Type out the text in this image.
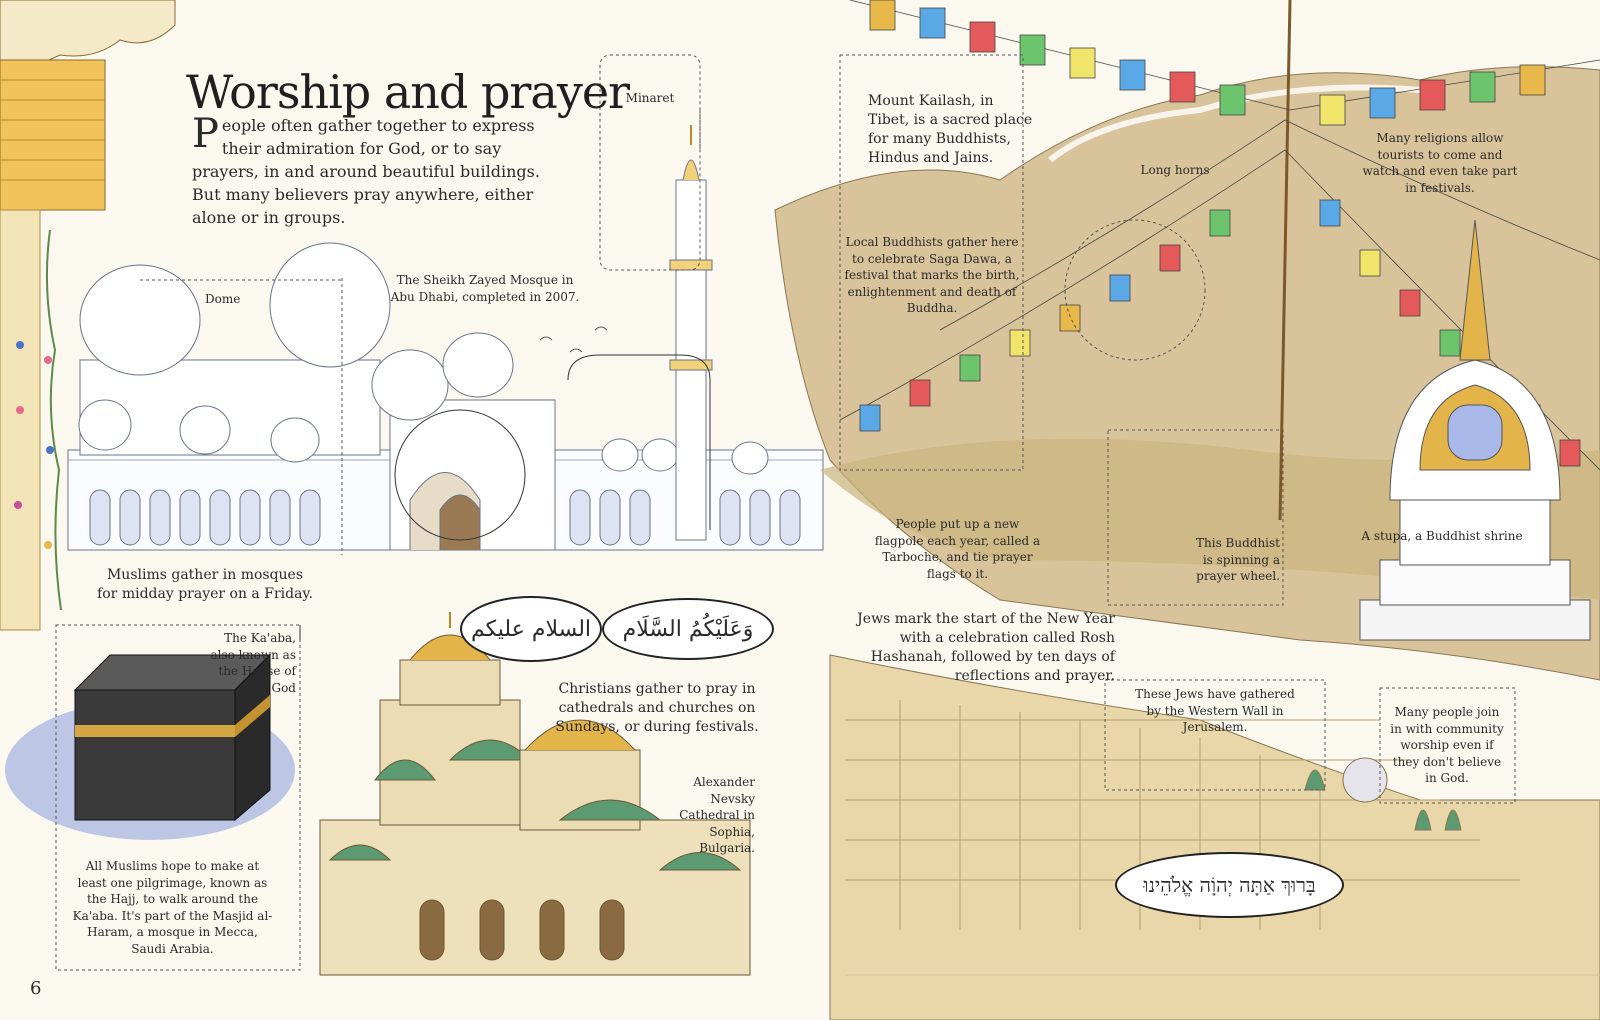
Worship and prayer

People often gather together to express their admiration for God, or to say prayers, in and around beautiful buildings. But many believers pray anywhere, either alone or in groups.

Dome
Minaret
The Sheikh Zayed Mosque in Abu Dhabi, completed in 2007.
Muslims gather in mosques for midday prayer on a Friday.
السلام عليكم وَعَلَيْكُمُ السَّلَام
בָּרוּךְ אַתָּה יְהוָֹה אֱלֹהֵינוּ
The Ka'aba, also known as the House of God
All Muslims hope to make at least one pilgrimage, known as the Hajj, to walk around the Ka'aba. It's part of the Masjid al-Haram, a mosque in Mecca, Saudi Arabia.
Christians gather to pray in cathedrals and churches on Sundays, or during festivals.
Alexander Nevsky Cathedral in Sophia, Bulgaria.
Mount Kailash, in Tibet, is a sacred place for many Buddhists, Hindus and Jains.
Long horns
Many religions allow tourists to come and watch and even take part in festivals.
Local Buddhists gather here to celebrate Saga Dawa, a festival that marks the birth, enlightenment and death of Buddha.
People put up a new flagpole each year, called a Tarboche, and tie prayer flags to it.
This Buddhist is spinning a prayer wheel.
A stupa, a Buddhist shrine
Jews mark the start of the New Year with a celebration called Rosh Hashanah, followed by ten days of reflections and prayer.
These Jews have gathered by the Western Wall in Jerusalem.
Many people join in with community worship even if they don't believe in God.
6
